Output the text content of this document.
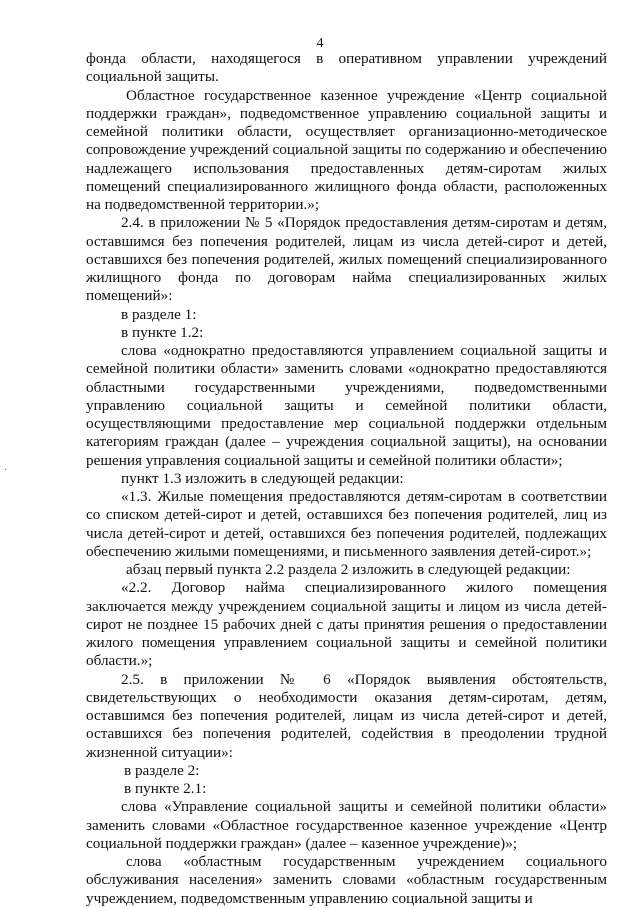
4
·

фонда области, находящегося в оперативном управлении учреждений социальной защиты.

Областное государственное казенное учреждение «Центр социальной поддержки граждан», подведомственное управлению социальной защиты и семейной политики области, осуществляет организационно-методическое сопровождение учреждений социальной защиты по содержанию и обеспечению надлежащего использования предоставленных детям-сиротам жилых помещений специализированного жилищного фонда области, расположенных на подведомственной территории.»;

2.4. в приложении № 5 «Порядок предоставления детям-сиротам и детям, оставшимся без попечения родителей, лицам из числа детей-сирот и детей, оставшихся без попечения родителей, жилых помещений специализированного жилищного фонда по договорам найма специализированных жилых помещений»:

в разделе 1:

в пункте 1.2:

слова «однократно предоставляются управлением социальной защиты и семейной политики области» заменить словами «однократно предоставляются областными государственными учреждениями, подведомственными управлению социальной защиты и семейной политики области, осуществляющими предоставление мер социальной поддержки отдельным категориям граждан (далее – учреждения социальной защиты), на основании решения управления социальной защиты и семейной политики области»;

пункт 1.3 изложить в следующей редакции:

«1.3. Жилые помещения предоставляются детям-сиротам в соответствии со списком детей-сирот и детей, оставшихся без попечения родителей, лиц из числа детей-сирот и детей, оставшихся без попечения родителей, подлежащих обеспечению жилыми помещениями, и письменного заявления детей-сирот.»;

абзац первый пункта 2.2 раздела 2 изложить в следующей редакции:

«2.2. Договор найма специализированного жилого помещения заключается между учреждением социальной защиты и лицом из числа детей-сирот не позднее 15 рабочих дней с даты принятия решения о предоставлении жилого помещения управлением социальной защиты и семейной политики области.»;

2.5. в приложении № 6 «Порядок выявления обстоятельств, свидетельствующих о необходимости оказания детям-сиротам, детям, оставшимся без попечения родителей, лицам из числа детей-сирот и детей, оставшихся без попечения родителей, содействия в преодолении трудной жизненной ситуации»:

в разделе 2:

в пункте 2.1:

слова «Управление социальной защиты и семейной политики области» заменить словами «Областное государственное казенное учреждение «Центр социальной поддержки граждан» (далее – казенное учреждение)»;

слова «областным государственным учреждением социального обслуживания населения» заменить словами «областным государственным учреждением, подведомственным управлению социальной защиты и
